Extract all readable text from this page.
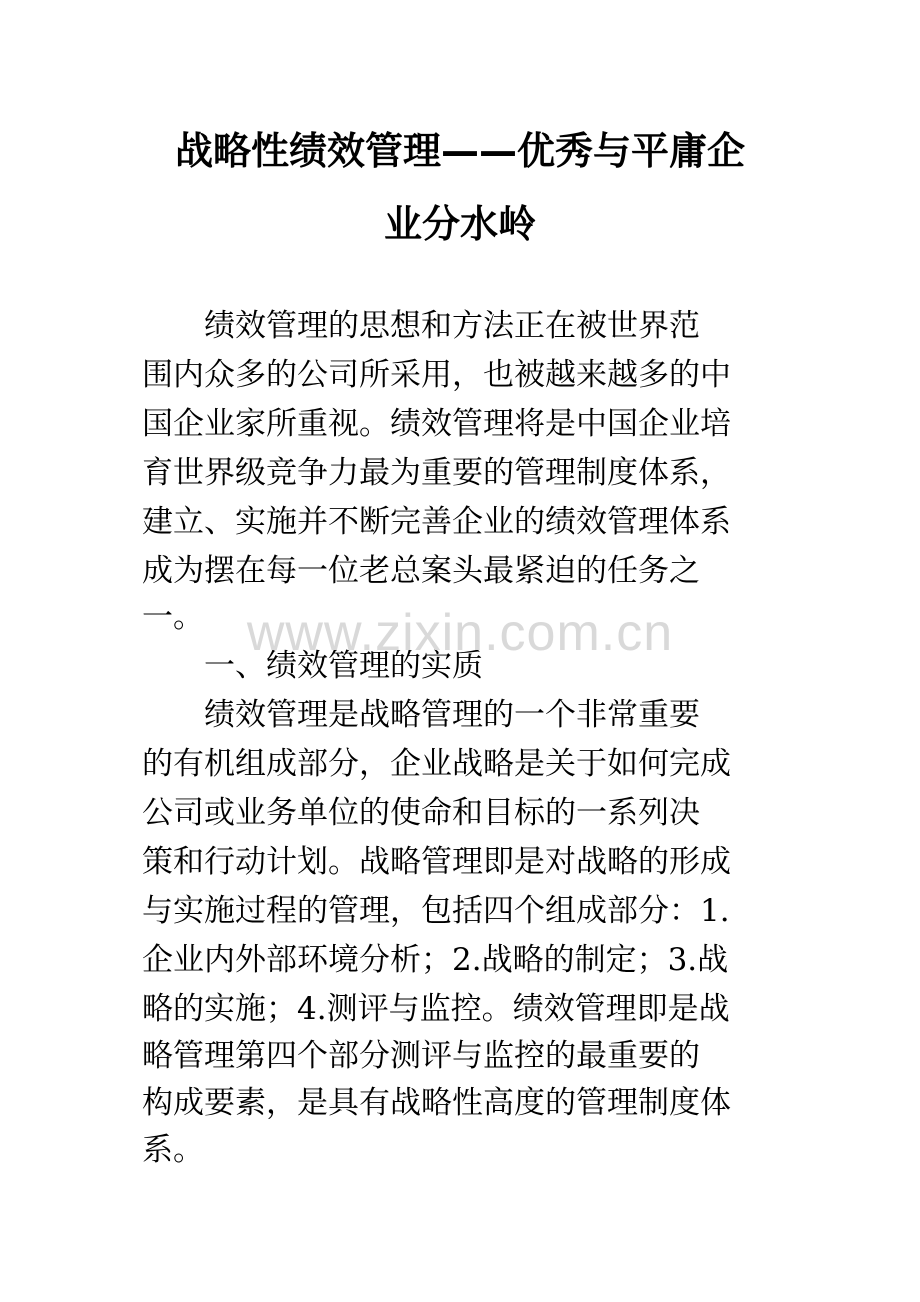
战略性绩效管理——优秀与平庸企
业分水岭
　　绩效管理的思想和方法正在被世界范
围内众多的公司所采用，也被越来越多的中
国企业家所重视。绩效管理将是中国企业培
育世界级竞争力最为重要的管理制度体系，
建立、实施并不断完善企业的绩效管理体系
成为摆在每一位老总案头最紧迫的任务之
一。
　　一、绩效管理的实质
　　绩效管理是战略管理的一个非常重要
的有机组成部分，企业战略是关于如何完成
公司或业务单位的使命和目标的一系列决
策和行动计划。战略管理即是对战略的形成
与实施过程的管理，包括四个组成部分：1.
企业内外部环境分析；2.战略的制定；3.战
略的实施；4.测评与监控。绩效管理即是战
略管理第四个部分测评与监控的最重要的
构成要素，是具有战略性高度的管理制度体
系。
www.zixin.com.cn
